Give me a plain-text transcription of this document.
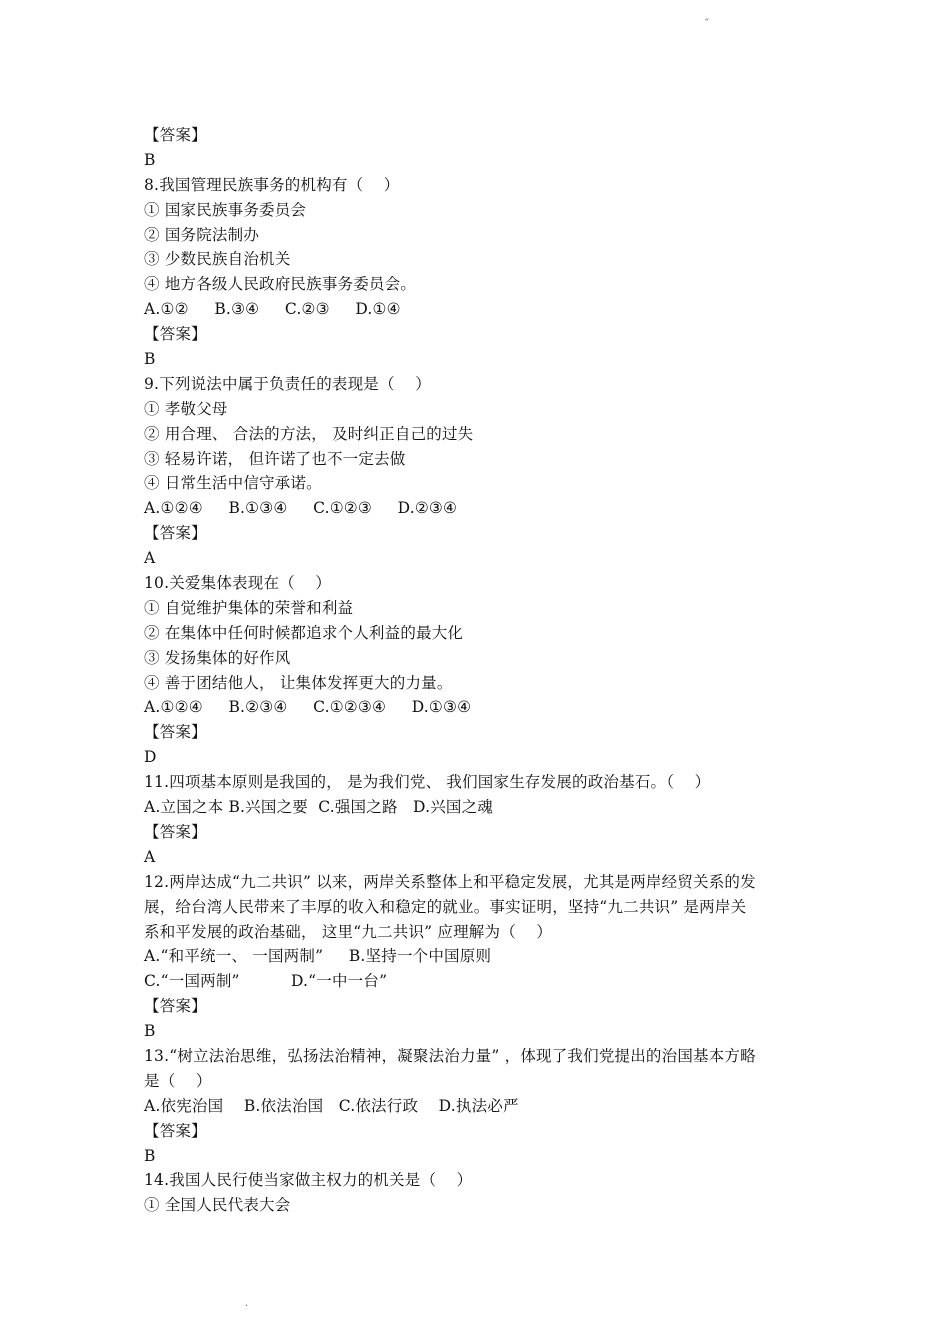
˝
【答案】
B
8.我国管理民族事务的机构有（    ）
① 国家民族事务委员会
② 国务院法制办
③ 少数民族自治机关
④ 地方各级人民政府民族事务委员会。
A.①②     B.③④     C.②③     D.①④
【答案】
B
9.下列说法中属于负责任的表现是（    ）
① 孝敬父母
② 用合理、 合法的方法， 及时纠正自己的过失
③ 轻易许诺， 但许诺了也不一定去做
④ 日常生活中信守承诺。
A.①②④     B.①③④     C.①②③     D.②③④
【答案】
A
10.关爱集体表现在（    ）
① 自觉维护集体的荣誉和利益
② 在集体中任何时候都追求个人利益的最大化
③ 发扬集体的好作风
④ 善于团结他人， 让集体发挥更大的力量。
A.①②④     B.②③④     C.①②③④     D.①③④
【答案】
D
11.四项基本原则是我国的， 是为我们党、 我们国家生存发展的政治基石。（    ）
A.立国之本 B.兴国之要  C.强国之路   D.兴国之魂
【答案】
A
12.两岸达成“九二共识” 以来，两岸关系整体上和平稳定发展，尤其是两岸经贸关系的发
展，给台湾人民带来了丰厚的收入和稳定的就业。事实证明，坚持“九二共识” 是两岸关
系和平发展的政治基础， 这里“九二共识” 应理解为（    ）
A.“和平统一、 一国两制”     B.坚持一个中国原则
C.“一国两制”          D.“一中一台”
【答案】
B
13.“树立法治思维，弘扬法治精神，凝聚法治力量” ，体现了我们党提出的治国基本方略
是（    ）
A.依宪治国    B.依法治国   C.依法行政    D.执法必严
【答案】
B
14.我国人民行使当家做主权力的机关是（    ）
① 全国人民代表大会
.
